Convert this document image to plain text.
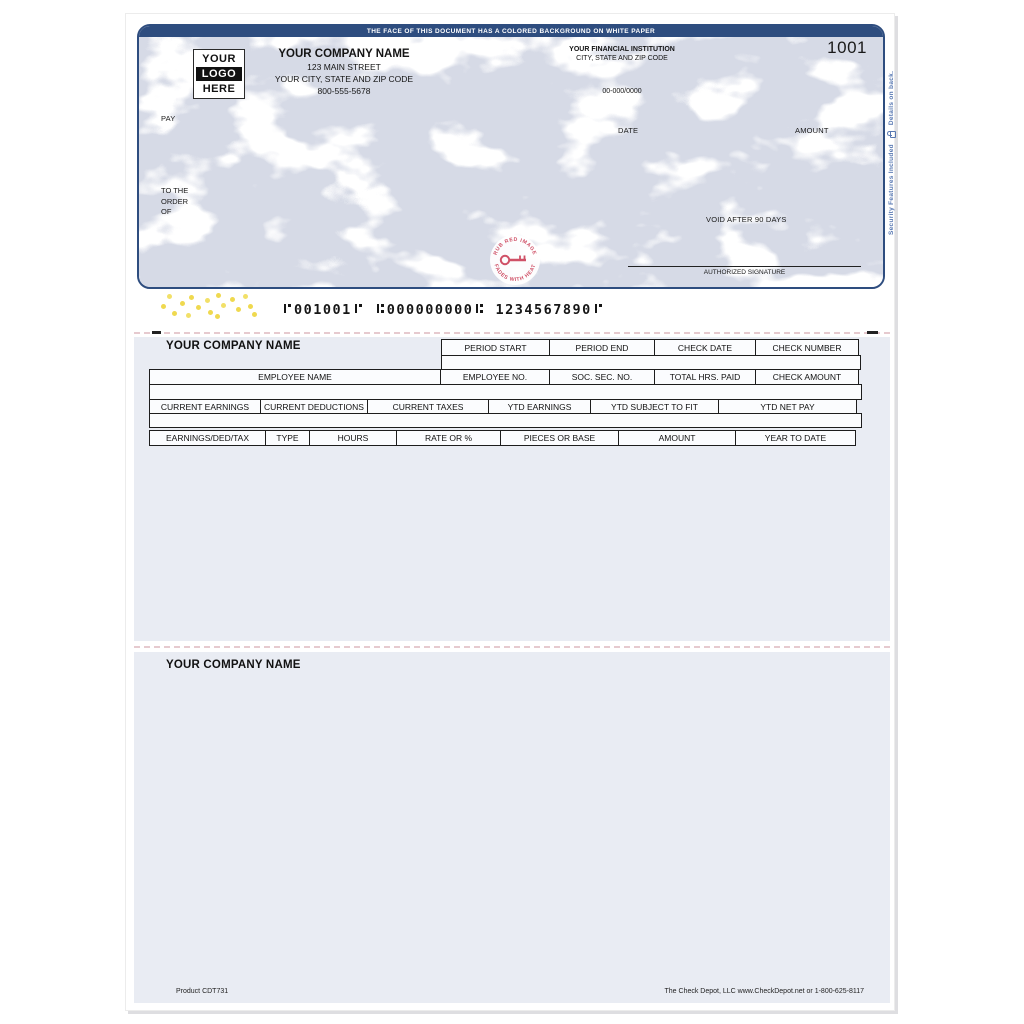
THE FACE OF THIS DOCUMENT HAS A COLORED BACKGROUND ON WHITE PAPER
YOUR
LOGO
HERE
YOUR COMPANY NAME
123 MAIN STREET
YOUR CITY, STATE AND ZIP CODE
800-555-5678
YOUR FINANCIAL INSTITUTION
CITY, STATE AND ZIP CODE
00-000/0000
1001
PAY
DATE	AMOUNT
TO THE
ORDER
OF
VOID AFTER 90 DAYS
AUTHORIZED SIGNATURE
RUB RED IMAGE
FADES WITH HEAT
Security Features Included
Details on back.
001001	000000000 1234567890
YOUR COMPANY NAME	PERIOD START	PERIOD END	CHECK DATE	CHECK NUMBER
EMPLOYEE NAME	EMPLOYEE NO.	SOC. SEC. NO.	TOTAL HRS. PAID	CHECK AMOUNT
CURRENT EARNINGS	CURRENT DEDUCTIONS	CURRENT TAXES	YTD EARNINGS	YTD SUBJECT TO FIT	YTD NET PAY
EARNINGS/DED/TAX	TYPE	HOURS	RATE OR %	PIECES OR BASE	AMOUNT	YEAR TO DATE
YOUR COMPANY NAME
Product CDT731	The Check Depot, LLC www.CheckDepot.net or 1-800-625-8117
